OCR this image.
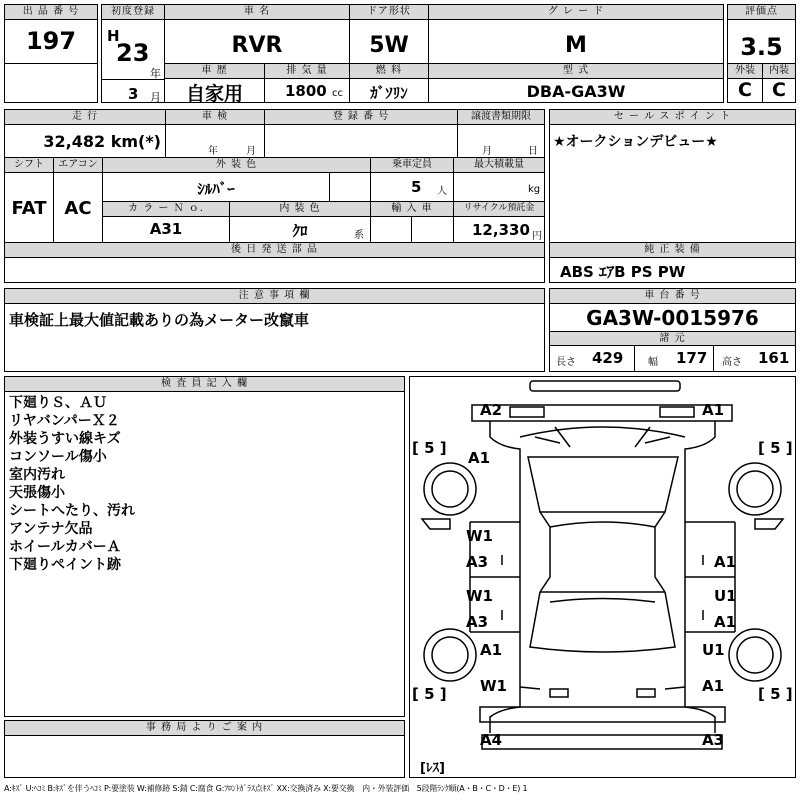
出 品 番 号
197
初度登録
H
23
年
3 月
車 名
RVR
ドア形状
5W
グ レ ー ド
M
評価点
3.5
車 歴
自家用
排 気 量
1800 cc
燃 料
ｶﾞｿﾘﾝ
型 式
DBA-GA3W
外装
C
内装
C
走 行
32,482 km(*)
車 検
年	月
登 録 番 号	譲渡書類期限
月	日
セ ー ル ス ポ イ ン ト
★オークションデビュー★
シフト
FAT
エアコン
AC
外 装 色
ｼﾙﾊﾞｰ
乗車定員
5 人
最大積載量
kg
カ ラ ー Ｎ ｏ.
A31
内 装 色
ｸﾛ	系
輸 入 車	リサイクル預託金
12,330 円
後 日 発 送 部 品	純 正 装 備
ABS ｴｱB PS PW
注 意 事 項 欄
車検証上最大値記載ありの為メーター改竄車
車 台 番 号
GA3W-0015976
諸 元
長さ 429 幅 177 高さ 161
検 査 員 記 入 欄
下廻りＳ、ＡＵ
リヤバンパーＸ２
外装うすい線キズ
コンソール傷小
室内汚れ
天張傷小
シートへたり、汚れ
アンテナ欠品
ホイールカバーＡ
下廻りペイント跡
事 務 局 よ り ご 案 内
A2	A1
A1
[ 5 ]	[ 5 ]
W1
A3	A1
W1
A3
U1
A1
A1	U1
W1	A1
[ 5 ]	[ 5 ]
A4	A3
[ﾚｽ]
A:ｷｽﾞ U:ﾍｺﾐ B:ｷｽﾞを伴うﾍｺﾐ P:要塗装 W:補修跡 S:錆 C:腐食 G:ﾌﾛﾝﾄｶﾞﾗｽ点ｷｽﾞ XX:交換済み X:要交換　内・外装評価　5段階ﾗﾝｸ順(A・B・C・D・E) 1
